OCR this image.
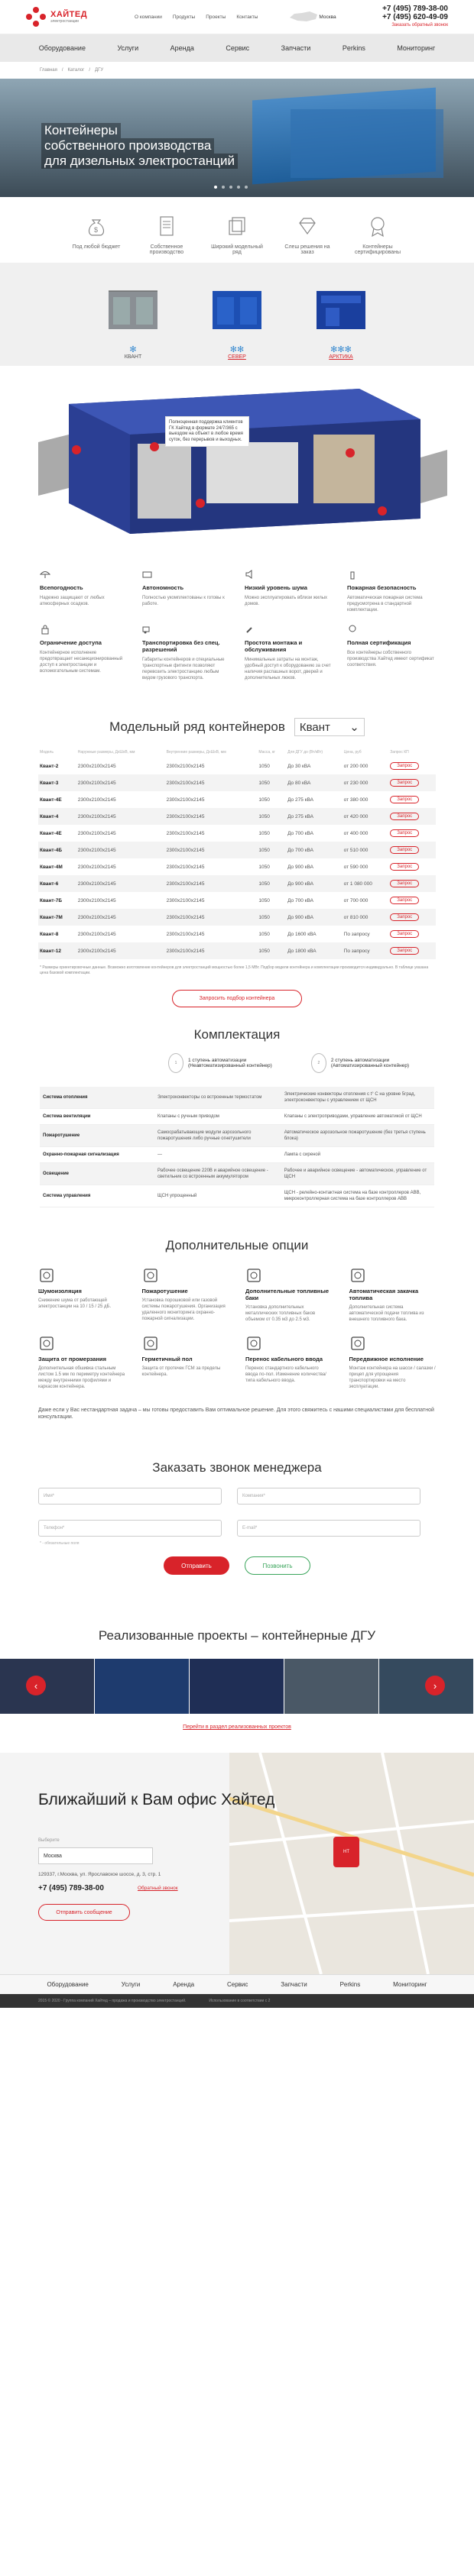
ХАЙТЕД
электростанции
О компании Продукты Проекты Контакты	Москва
+7 (495) 789-38-00
+7 (495) 620-49-09
Заказать обратный звонок
Оборудование	Услуги	Аренда	Сервис	Запчасти	Perkins	Мониторинг
Главная / Каталог / ДГУ
Контейнеры
собственного производства
для дизельных электростанций
$
Под любой бюджет	Собственное производство
Широкий модельный ряд
Слеш решения на заказ
Контейнеры сертифицированы
✻
КВАНТ
✻✻
СЕВЕР
✻✻✻
АРКТИКА
Полноценная поддержка клиентов ГК Хайтед в формате 24/7/365 с выездом на объект в любое время суток, без перерывов и выходных.
Всепогодность

Надежно защищают от любых атмосферных осадков.

Автономность

Полностью укомплектованы к готовы к работе.

Низкий уровень шума

Можно эксплуатировать вблизи жилых домов.

Пожарная безопасность

Автоматическая пожарная система предусмотрена в стандартной комплектации.

Ограничение доступа

Контейнерное исполнение предотвращает несанкционированный доступ к электростанции и вспомогательным системам.

Транспортировка без спец. разрешений

Габариты контейнеров и специальные транспортные фитинги позволяют перевозить электростанцию любым видом грузового транспорта.

Простота монтажа и обслуживания

Минимальные затраты на монтаж, удобный доступ к оборудованию за счет наличия распашных ворот, дверей и дополнительных люков.

Полная сертификация

Все контейнеры собственного производства Хайтед имеют сертификат соответствия.

Модельный ряд контейнеров Квант ⌄
Модель	Наружные размеры, ДхШхВ, мм	Внутренние размеры, ДхШхВ, мм	Масса, кг	Для ДГУ до (Вт/кВт)	Цена, руб	Запрос КП
Квант-2	2300х2100х2145	2300х2100х2145	1050	До 30 кВА	от 200 000	Запрос
Квант-3	2300х2100х2145	2300х2100х2145	1050	До 80 кВА	от 230 000	Запрос
Квант-4Е	2300х2100х2145	2300х2100х2145	1050	До 275 кВА	от 380 000	Запрос
Квант-4	2300х2100х2145	2300х2100х2145	1050	До 275 кВА	от 420 000	Запрос
Квант-4Е	2300х2100х2145	2300х2100х2145	1050	До 700 кВА	от 400 000	Запрос
Квант-4Б	2300х2100х2145	2300х2100х2145	1050	До 700 кВА	от 510 000	Запрос
Квант-4М	2300х2100х2145	2300х2100х2145	1050	До 900 кВА	от 590 000	Запрос
Квант-6	2300х2100х2145	2300х2100х2145	1050	До 900 кВА	от 1 080 000	Запрос
Квант-7Б	2300х2100х2145	2300х2100х2145	1050	До 700 кВА	от 700 000	Запрос
Квант-7М	2300х2100х2145	2300х2100х2145	1050	До 900 кВА	от 810 000	Запрос
Квант-8	2300х2100х2145	2300х2100х2145	1050	До 1600 кВА	По запросу	Запрос
Квант-12	2300х2100х2145	2300х2100х2145	1050	До 1800 кВА	По запросу	Запрос
* Размеры ориентировочные данные. Возможно изготовление контейнеров для электростанций мощностью более 1,5 МВт. Подбор модели контейнера и комплектации производится индивидуально. В таблице указана цена базовой комплектации.
Запросить подбор контейнера
Комплектация
1	1 ступень автоматизации (Неавтоматизированный контейнер)	2	2 ступень автоматизации (Автоматизированный контейнер)
Система отопления	Электроконвекторы со встроенным термостатом	Электрические конвекторы отопления с t° С на уровне 5град, электроконвекторы с управлением от ЩСН
Система вентиляции	Клапаны с ручным приводом	Клапаны с электроприводами, управление автоматикой от ЩСН
Пожаротушение	Самосрабатывающие модули аэрозольного пожаротушения либо ручные огнетушители	Автоматическое аэрозольное пожаротушение (без третья ступень блока)
Охранно-пожарная сигнализация	—	Лампа с сиреной
Освещение	Рабочее освещение 220В и аварийное освещение - светильник со встроенным аккумулятором	Рабочее и аварийное освещение - автоматическое, управление от ЩСН
Система управления	ЩСН упрощенный	ЩСН - релейно-контактная система на базе контроллеров ABB, микроконтроллерная система на базе контроллеров ABB
Дополнительные опции
Шумоизоляция

Снижение шума от работающей электростанции на 10 / 15 / 25 дБ.

Пожаротушение

Установка порошковой или газовой системы пожаротушения. Организация удаленного мониторинга охранно-пожарной сигнализации.

Дополнительные топливные баки

Установка дополнительных металлических топливных баков объемом от 0.35 м3 до 2.5 м3.

Автоматическая закачка топлива

Дополнительная система автоматической подачи топлива из внешнего топливного бака.

Защита от промерзания

Дополнительная обшивка стальным листом 1.5 мм по периметру контейнера между внутренними профилями и каркасом контейнера.

Герметичный пол

Защита от протечек ГСМ за пределы контейнера.

Перенос кабельного ввода

Перенос стандартного кабельного ввода по-пол. Изменение количества/типа кабельного ввода.

Передвижное исполнение

Монтаж контейнера на шасси / салазки / прицеп для упрощения транспортировки на место эксплуатации.

Даже если у Вас нестандартная задача – мы готовы предоставить Вам оптимальное решение. Для этого свяжитесь с нашими специалистами для бесплатной консультации.
Заказать звонок менеджера
Имя*	Компания*
Телефон*	E-mail*
* - обязательные поля
Отправить	Позвонить
Реализованные проекты – контейнерные ДГУ
‹	›
Перейти в раздел реализованных проектов
HT
Ближайший к Вам офис Хайтед
Выберите
Москва
129337, г.Москва, ул. Ярославское шоссе, д. 3, стр. 1
+7 (495) 789-38-00	Обратный звонок
Отправить сообщение
Оборудование	Услуги	Аренда	Сервис	Запчасти	Perkins	Мониторинг
2015 © 2020 - Группа компаний Хайтед – продажа и производство электростанций.	Использование в соответствии с 2
